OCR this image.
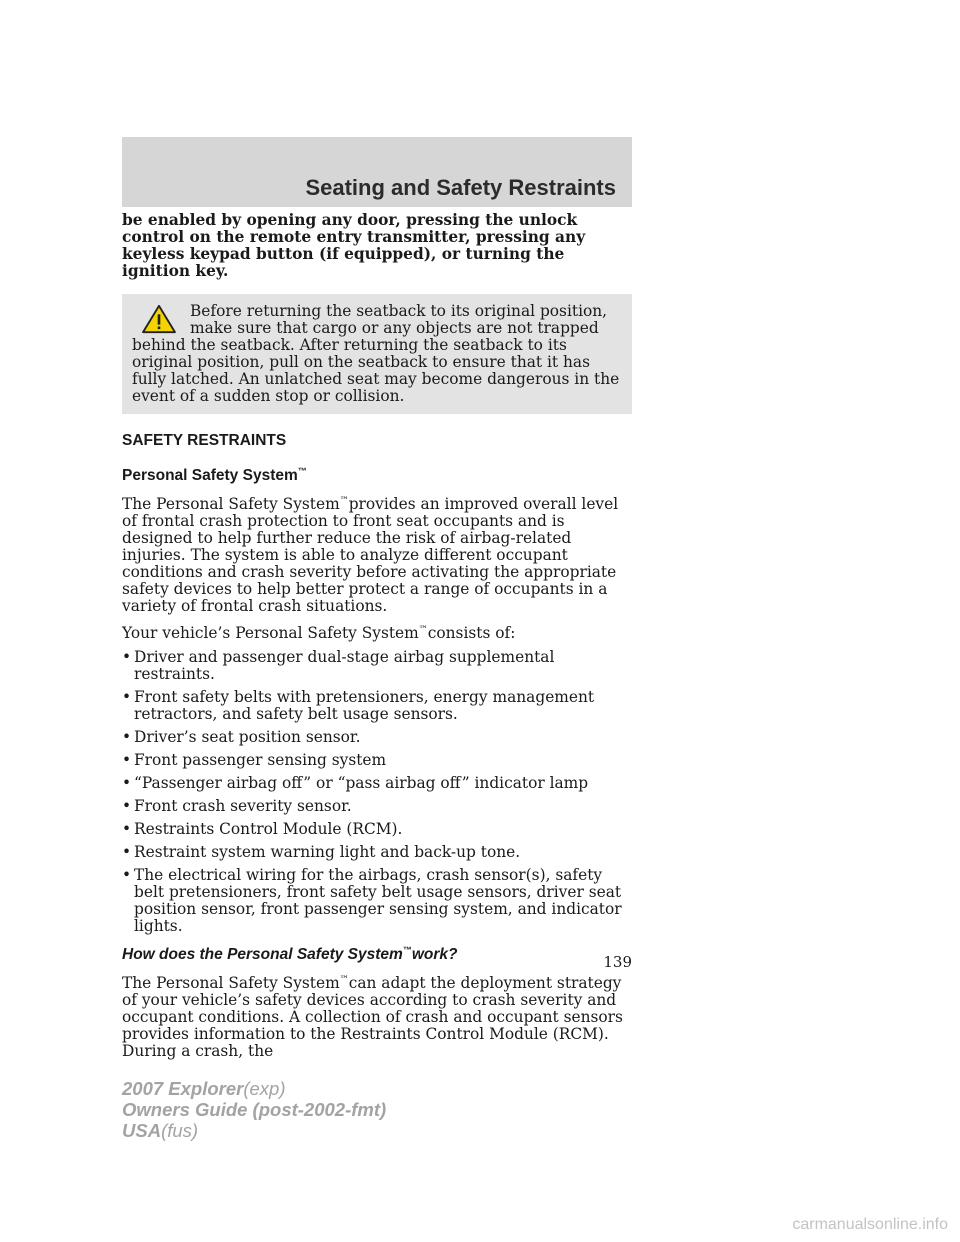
Seating and Safety Restraints

be enabled by opening any door, pressing the unlock control on the remote entry transmitter, pressing any keyless keypad button (if equipped), or turning the ignition key.

Before returning the seatback to its original position, make sure that cargo or any objects are not trapped behind the seatback. After returning the seatback to its original position, pull on the seatback to ensure that it has fully latched. An unlatched seat may become dangerous in the event of a sudden stop or collision.
SAFETY RESTRAINTS
Personal Safety System™

The Personal Safety System™provides an improved overall level of frontal crash protection to front seat occupants and is designed to help further reduce the risk of airbag-related injuries. The system is able to analyze different occupant conditions and crash severity before activating the appropriate safety devices to help better protect a range of occupants in a variety of frontal crash situations.

Your vehicle’s Personal Safety System™consists of:

• Driver and passenger dual-stage airbag supplemental restraints.
• Front safety belts with pretensioners, energy management retractors, and safety belt usage sensors.
• Driver’s seat position sensor.
• Front passenger sensing system
• “Passenger airbag off” or “pass airbag off” indicator lamp
• Front crash severity sensor.
• Restraints Control Module (RCM).
• Restraint system warning light and back-up tone.
• The electrical wiring for the airbags, crash sensor(s), safety belt pretensioners, front safety belt usage sensors, driver seat position sensor, front passenger sensing system, and indicator lights.
How does the Personal Safety System™work?

The Personal Safety System™can adapt the deployment strategy of your vehicle’s safety devices according to crash severity and occupant conditions. A collection of crash and occupant sensors provides information to the Restraints Control Module (RCM). During a crash, the

139
2007 Explorer(exp)
Owners Guide (post-2002-fmt)
USA(fus)
carmanualsonline.info
